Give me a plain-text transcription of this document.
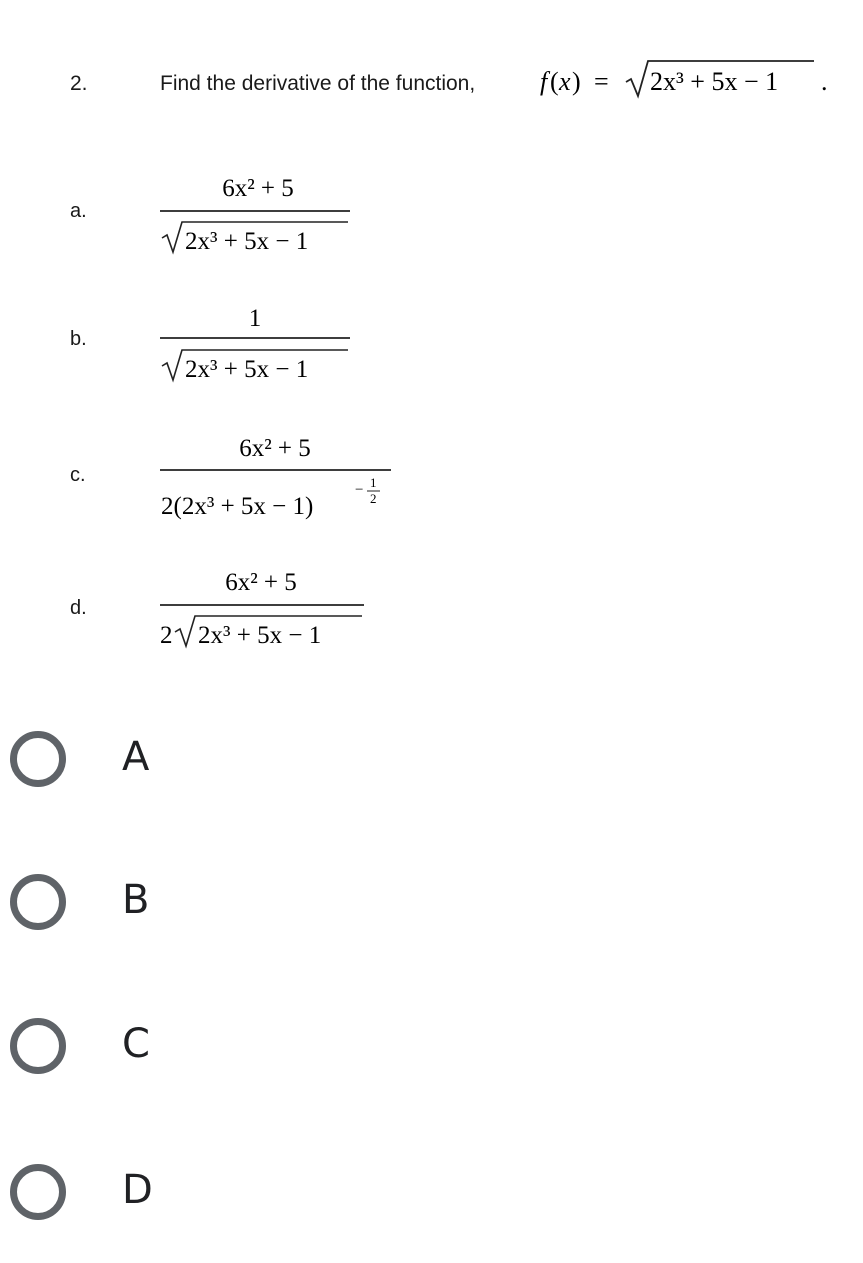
2.	Find the derivative of the function, f ( x ) = 2x³ + 5x − 1 .
a.
6x² + 5
2x³ + 5x − 1
b.
1
2x³ + 5x − 1
c.
6x² + 5
2(2x³ + 5x − 1)
− 1
2
d.
6x² + 5
2 2x³ + 5x − 1
A
B
C
D
